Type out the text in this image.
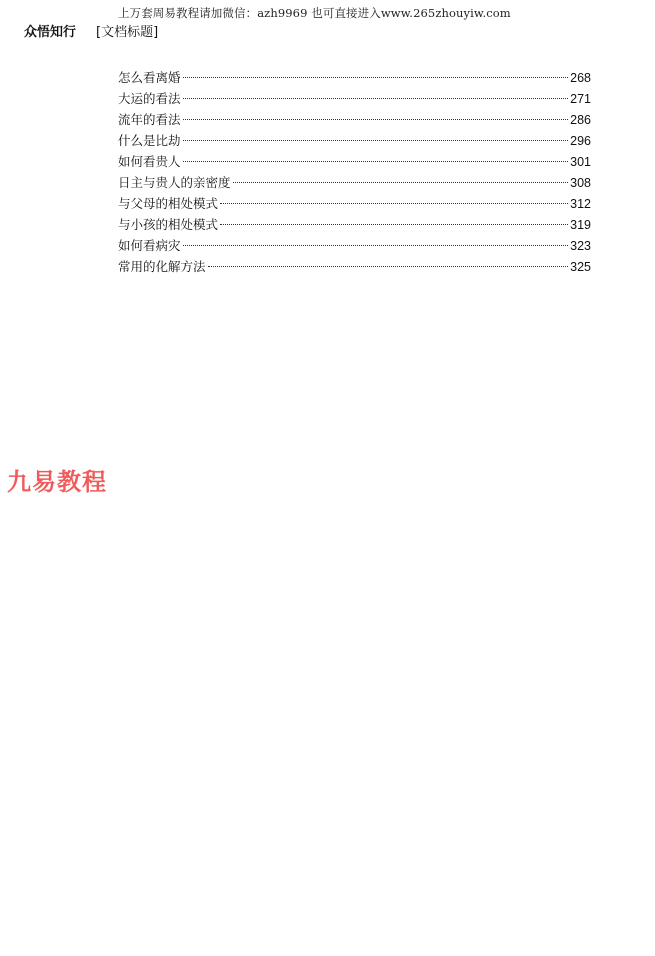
上万套周易教程请加微信：azh9969 也可直接进入www.265zhouyiw.com
众悟知行 [文档标题]
怎么看离婚	268
大运的看法	271
流年的看法	286
什么是比劫	296
如何看贵人	301
日主与贵人的亲密度	308
与父母的相处模式	312
与小孩的相处模式	319
如何看病灾	323
常用的化解方法	325
九易教程
